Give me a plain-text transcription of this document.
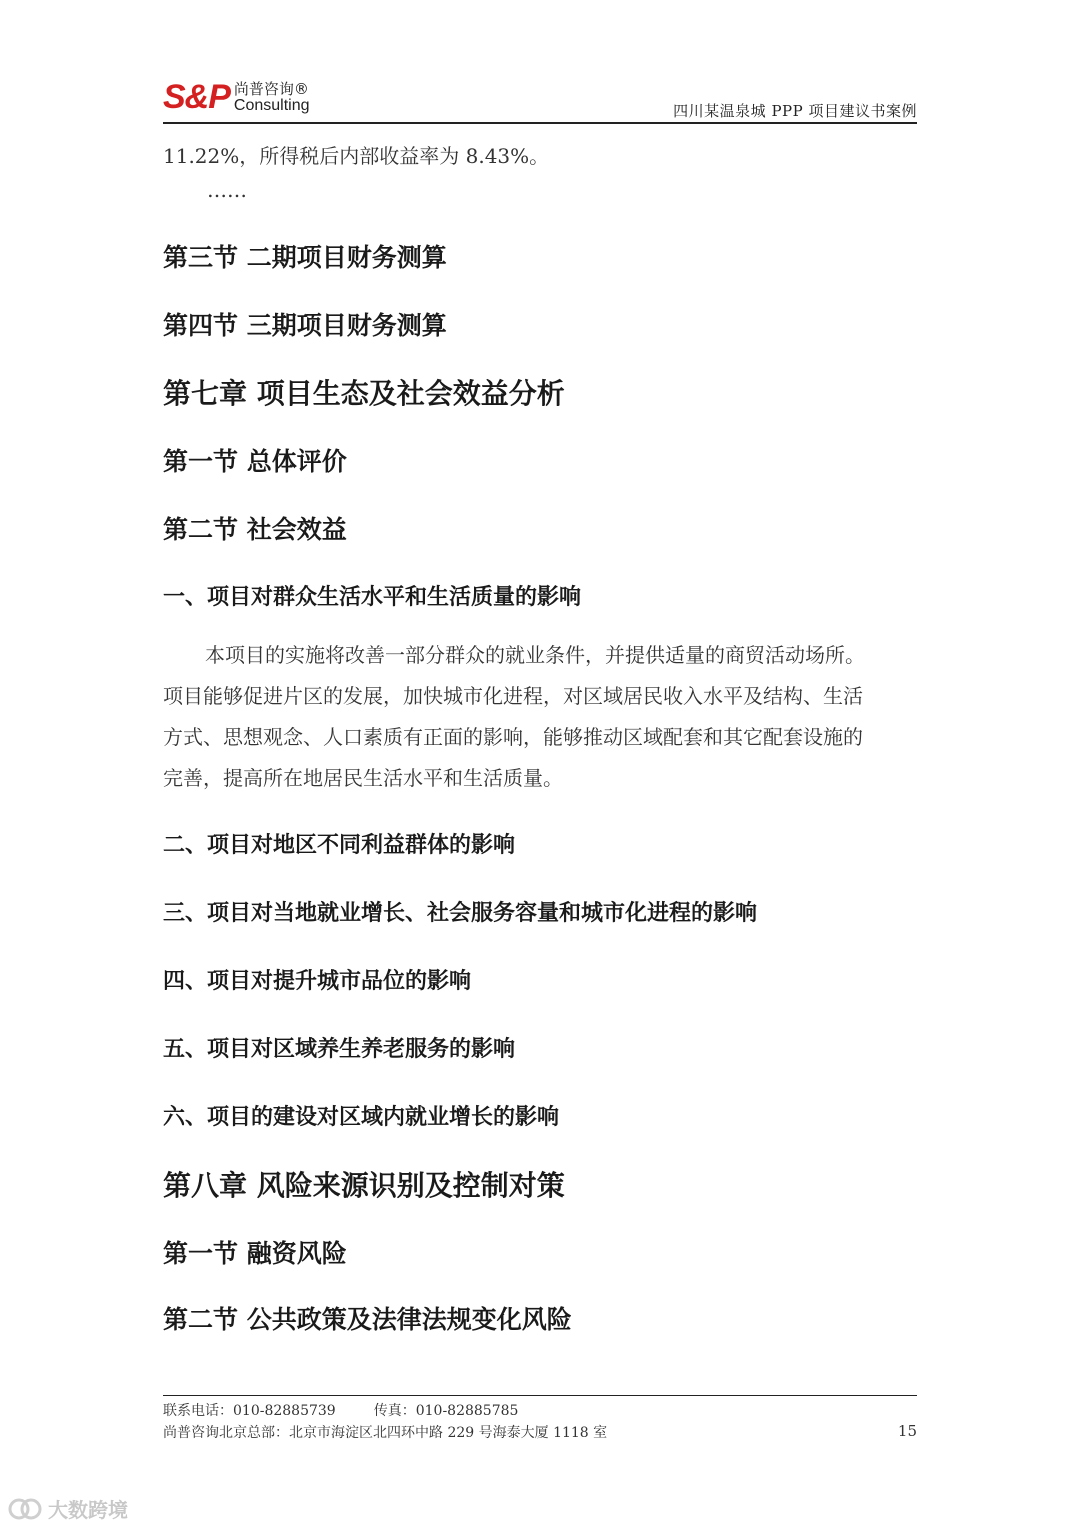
S&P 尚普咨询®
Consulting	四川某温泉城 PPP 项目建议书案例
11.22%，所得税后内部收益率为 8.43%。
……
第三节 二期项目财务测算
第四节 三期项目财务测算
第七章 项目生态及社会效益分析
第一节 总体评价
第二节 社会效益
一、项目对群众生活水平和生活质量的影响
本项目的实施将改善一部分群众的就业条件，并提供适量的商贸活动场所。
项目能够促进片区的发展，加快城市化进程，对区域居民收入水平及结构、生活
方式、思想观念、人口素质有正面的影响，能够推动区域配套和其它配套设施的
完善，提高所在地居民生活水平和生活质量。
二、项目对地区不同利益群体的影响
三、项目对当地就业增长、社会服务容量和城市化进程的影响
四、项目对提升城市品位的影响
五、项目对区域养生养老服务的影响
六、项目的建设对区域内就业增长的影响
第八章 风险来源识别及控制对策
第一节 融资风险
第二节 公共政策及法律法规变化风险
联系电话：010-82885739	传真：010-82885785
尚普咨询北京总部：北京市海淀区北四环中路 229 号海泰大厦 1118 室	15
大数跨境
